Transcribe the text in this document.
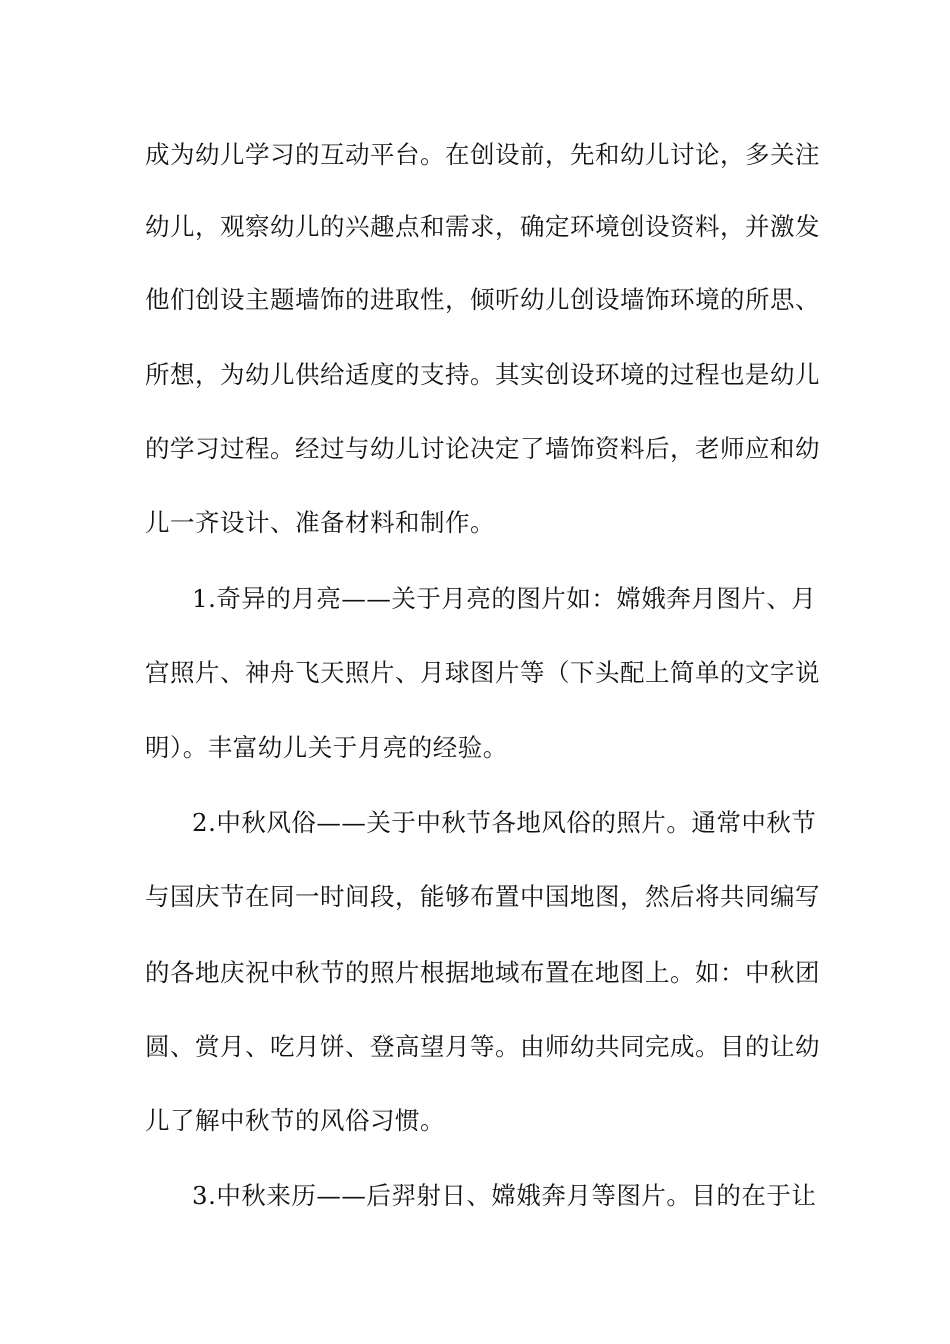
成为幼儿学习的互动平台。在创设前，先和幼儿讨论，多关注
幼儿，观察幼儿的兴趣点和需求，确定环境创设资料，并激发
他们创设主题墙饰的进取性，倾听幼儿创设墙饰环境的所思、
所想，为幼儿供给适度的支持。其实创设环境的过程也是幼儿
的学习过程。经过与幼儿讨论决定了墙饰资料后，老师应和幼
儿一齐设计、准备材料和制作。
1.奇异的月亮——关于月亮的图片如：嫦娥奔月图片、月
宫照片、神舟飞天照片、月球图片等（下头配上简单的文字说
明）。丰富幼儿关于月亮的经验。
2.中秋风俗——关于中秋节各地风俗的照片。通常中秋节
与国庆节在同一时间段，能够布置中国地图，然后将共同编写
的各地庆祝中秋节的照片根据地域布置在地图上。如：中秋团
圆、赏月、吃月饼、登高望月等。由师幼共同完成。目的让幼
儿了解中秋节的风俗习惯。
3.中秋来历——后羿射日、嫦娥奔月等图片。目的在于让
